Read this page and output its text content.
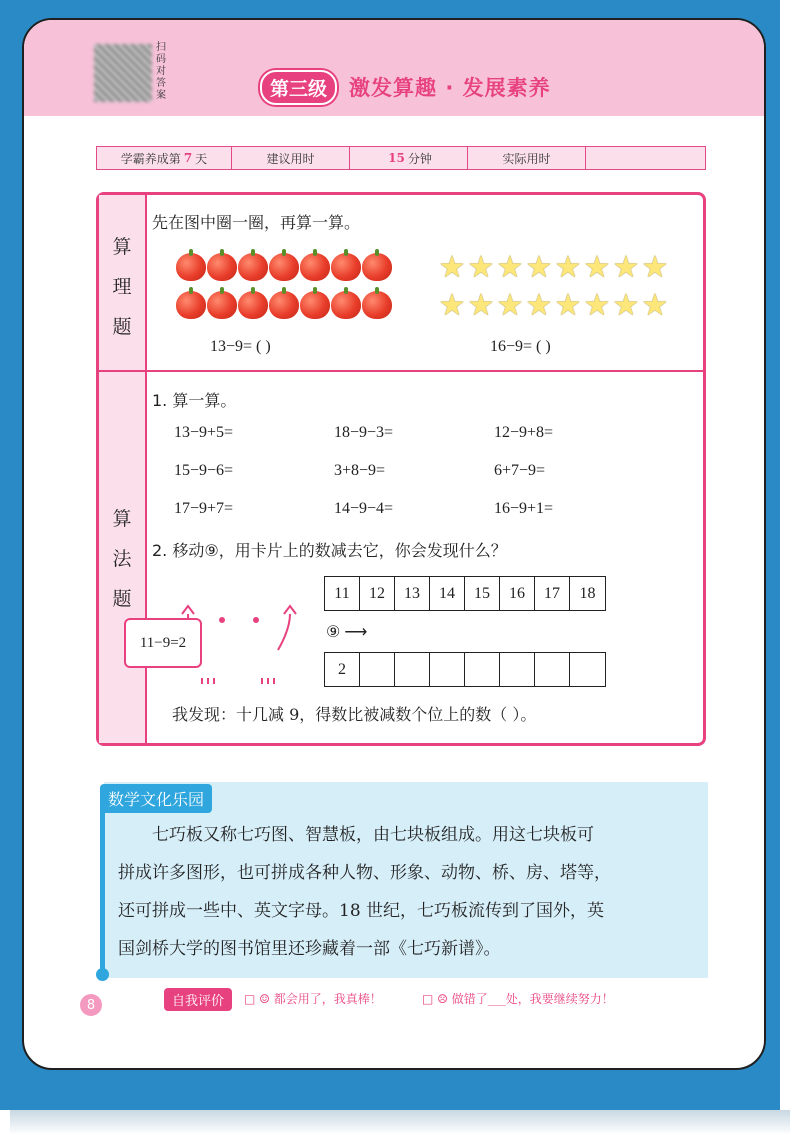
扫码对答案	第三级	激发算趣 · 发展素养
学霸养成第 7 天	建议用时	15 分钟	实际用时
算
理
题
算
法
题
先在图中圈一圈，再算一算。
★ ★ ★ ★ ★ ★ ★ ★
★ ★ ★ ★ ★ ★ ★ ★
13−9= ( )	16−9= ( )
1. 算一算。
13−9+5=	18−9−3=	12−9+8=
15−9−6=	3+8−9=	6+7−9=
17−9+7=	14−9−4=	16−9+1=
2. 移动⑨，用卡片上的数减去它，你会发现什么？
11−9=2
11	12	13	14	15	16	17	18
⑨ ⟶
2
我发现：十几减 9，得数比被减数个位上的数（ ）。
数学文化乐园
七巧板又称七巧图、智慧板，由七块板组成。用这七块板可
拼成许多图形，也可拼成各种人物、形象、动物、桥、房、塔等，
还可拼成一些中、英文字母。18 世纪，七巧板流传到了国外，英
国剑桥大学的图书馆里还珍藏着一部《七巧新谱》。
8	自我评价	□ ☺ 都会用了，我真棒！	□ ☹ 做错了___处，我要继续努力！
